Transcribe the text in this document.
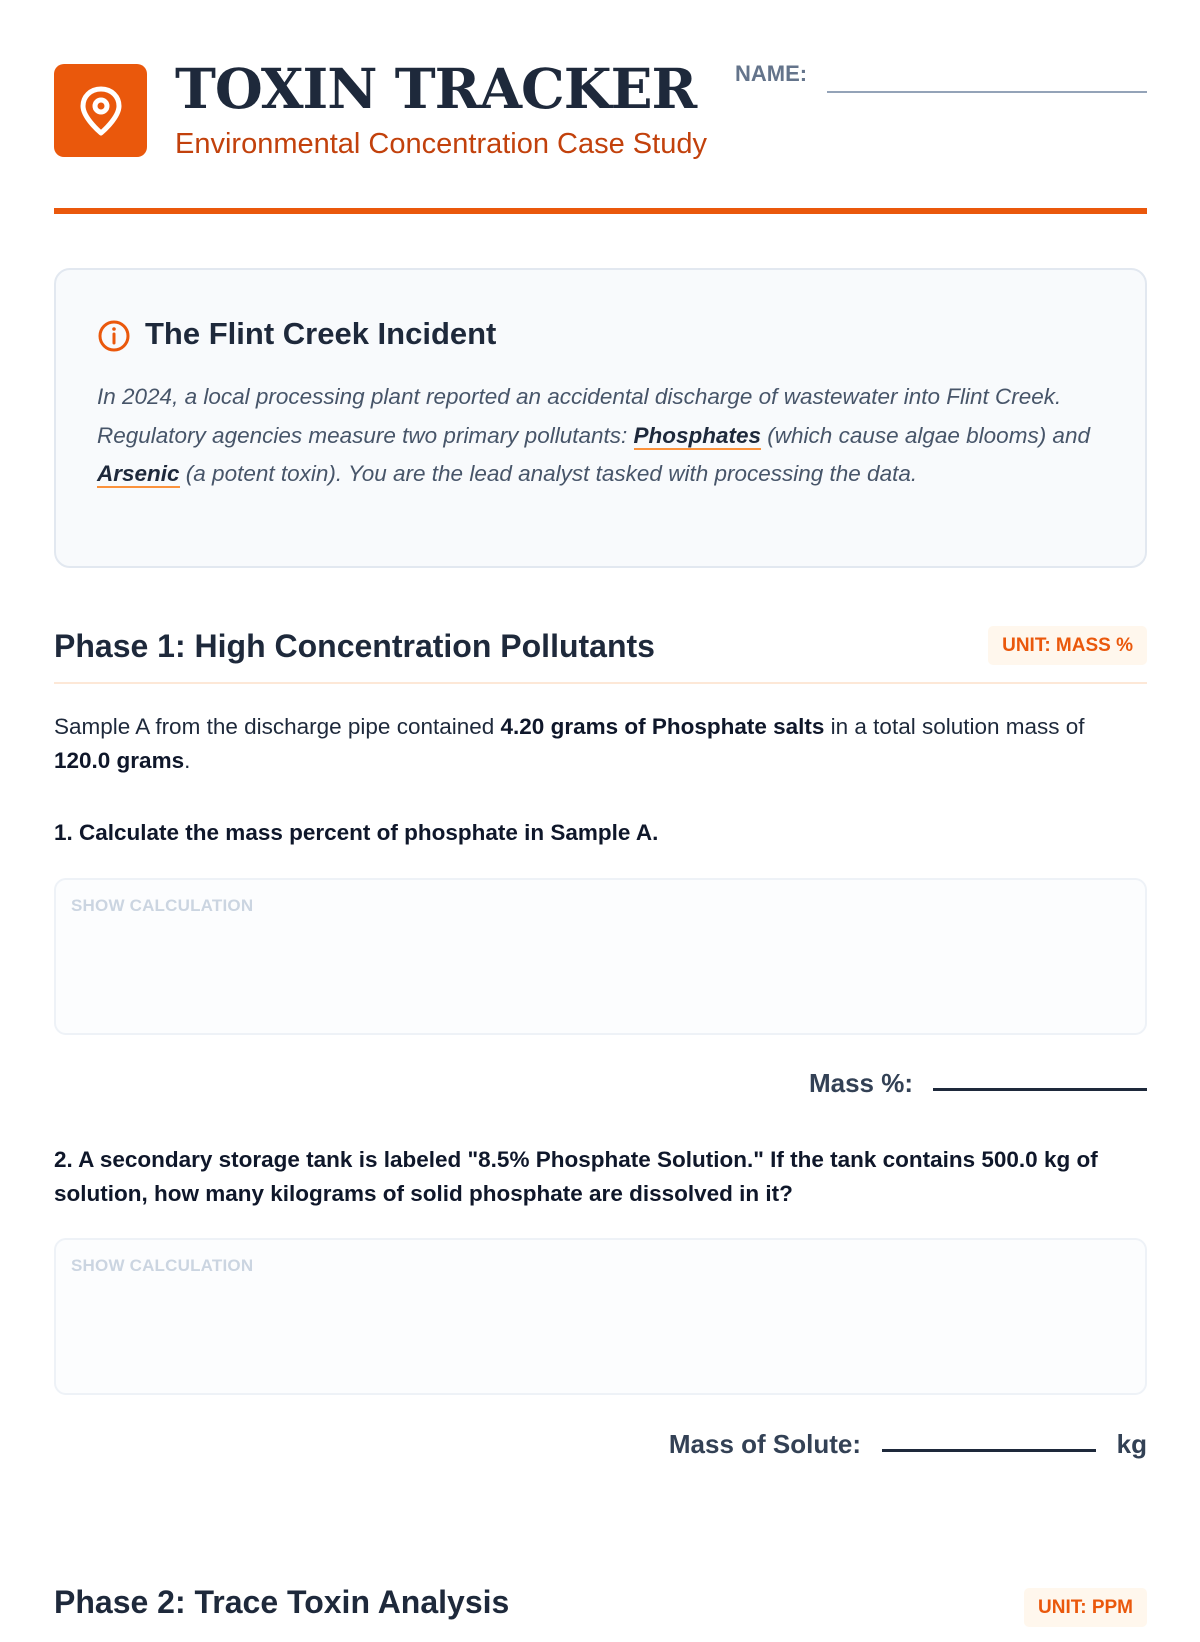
TOXIN TRACKER
Environmental Concentration Case Study
NAME:
The Flint Creek Incident

In 2024, a local processing plant reported an accidental discharge of wastewater into Flint Creek. Regulatory agencies measure two primary pollutants: Phosphates (which cause algae blooms) and Arsenic (a potent toxin). You are the lead analyst tasked with processing the data.

Phase 1: High Concentration Pollutants	UNIT: MASS %

Sample A from the discharge pipe contained 4.20 grams of Phosphate salts in a total solution mass of 120.0 grams.

1. Calculate the mass percent of phosphate in Sample A.
SHOW CALCULATION
Mass %:
2. A secondary storage tank is labeled "8.5% Phosphate Solution." If the tank contains 500.0 kg of solution, how many kilograms of solid phosphate are dissolved in it?
SHOW CALCULATION
Mass of Solute:	kg
Phase 2: Trace Toxin Analysis	UNIT: PPM
